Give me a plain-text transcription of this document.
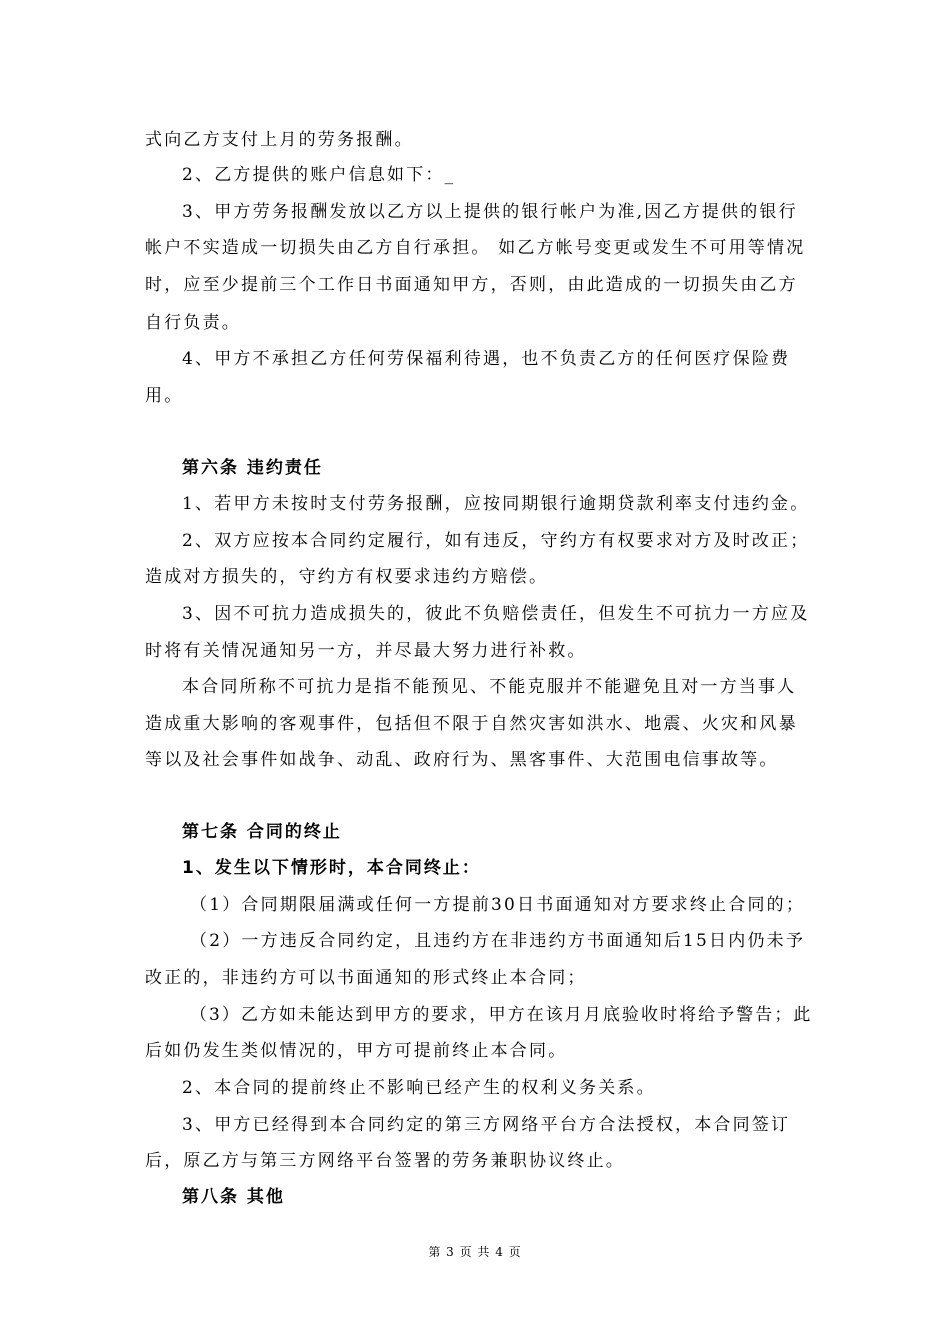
式向乙方支付上月的劳务报酬。
2、乙方提供的账户信息如下：_
3、甲方劳务报酬发放以乙方以上提供的银行帐户为准,因乙方提供的银行
帐户不实造成一切损失由乙方自行承担。 如乙方帐号变更或发生不可用等情况
时，应至少提前三个工作日书面通知甲方，否则，由此造成的一切损失由乙方
自行负责。
4、甲方不承担乙方任何劳保福利待遇，也不负责乙方的任何医疗保险费
用。
第六条 违约责任
1、若甲方未按时支付劳务报酬，应按同期银行逾期贷款利率支付违约金。
2、双方应按本合同约定履行，如有违反，守约方有权要求对方及时改正；
造成对方损失的，守约方有权要求违约方赔偿。
3、因不可抗力造成损失的，彼此不负赔偿责任，但发生不可抗力一方应及
时将有关情况通知另一方，并尽最大努力进行补救。
本合同所称不可抗力是指不能预见、不能克服并不能避免且对一方当事人
造成重大影响的客观事件，包括但不限于自然灾害如洪水、地震、火灾和风暴
等以及社会事件如战争、动乱、政府行为、黑客事件、大范围电信事故等。
第七条 合同的终止
1、发生以下情形时，本合同终止：
（1）合同期限届满或任何一方提前30日书面通知对方要求终止合同的；
（2）一方违反合同约定，且违约方在非违约方书面通知后15日内仍未予
改正的，非违约方可以书面通知的形式终止本合同；
（3）乙方如未能达到甲方的要求，甲方在该月月底验收时将给予警告；此
后如仍发生类似情况的，甲方可提前终止本合同。
2、本合同的提前终止不影响已经产生的权利义务关系。
3、甲方已经得到本合同约定的第三方网络平台方合法授权，本合同签订
后，原乙方与第三方网络平台签署的劳务兼职协议终止。
第八条 其他
第 3 页 共 4 页
